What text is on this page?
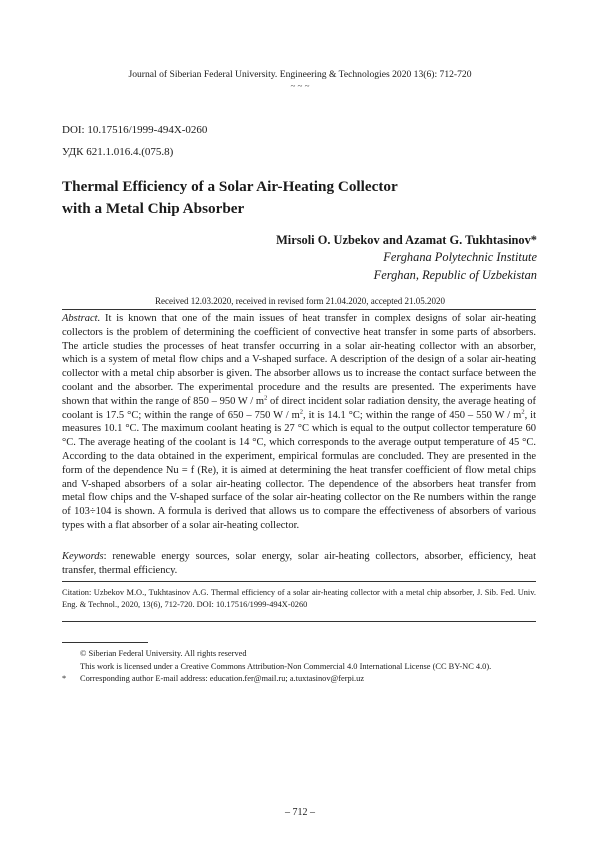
Journal of Siberian Federal University. Engineering & Technologies 2020 13(6): 712-720
~ ~ ~
DOI: 10.17516/1999-494X-0260
УДК 621.1.016.4.(075.8)
Thermal Efficiency of a Solar Air-Heating Collector
with a Metal Chip Absorber
Mirsoli O. Uzbekov and Azamat G. Tukhtasinov*
Ferghana Polytechnic Institute
Ferghan, Republic of Uzbekistan
Received 12.03.2020, received in revised form 21.04.2020, accepted 21.05.2020
Abstract. It is known that one of the main issues of heat transfer in complex designs of solar air-heating collectors is the problem of determining the coefficient of convective heat transfer in some parts of absorbers. The article studies the processes of heat transfer occurring in a solar air-heating collector with an absorber, which is a system of metal flow chips and a V-shaped surface. A description of the design of a solar air-heating collector with a metal chip absorber is given. The absorber allows us to increase the contact surface between the coolant and the absorber. The experimental procedure and the results are presented. The experiments have shown that within the range of 850 – 950 W / $m^2$ of direct incident solar radiation density, the average heating of coolant is 17.5 °C; within the range of 650 – 750 W / $m^2$, it is 14.1 °C; within the range of 450 – 550 W / $m^2$, it measures 10.1 °C. The maximum coolant heating is 27 °C which is equal to the output collector temperature 60 °C. The average heating of the coolant is 14 °C, which corresponds to the average output temperature of 45 °C. According to the data obtained in the experiment, empirical formulas are concluded. They are presented in the form of the dependence Nu = f (Re), it is aimed at determining the heat transfer coefficient of flow metal chips and V-shaped absorbers of a solar air-heating collector. The dependence of the absorbers heat transfer from metal flow chips and the V-shaped surface of the solar air-heating collector on the Re numbers within the range of 103÷104 is shown. A formula is derived that allows us to compare the effectiveness of absorbers of various types with a flat absorber of a solar air-heating collector.
Keywords: renewable energy sources, solar energy, solar air-heating collectors, absorber, efficiency, heat transfer, thermal efficiency.
Citation: Uzbekov M.O., Tukhtasinov A.G. Thermal efficiency of a solar air-heating collector with a metal chip absorber, J. Sib. Fed. Univ. Eng. & Technol., 2020, 13(6), 712-720. DOI: 10.17516/1999-494X-0260
© Siberian Federal University. All rights reserved
This work is licensed under a Creative Commons Attribution-Non Commercial 4.0 International License (CC BY-NC 4.0).
* Corresponding author E-mail address: education.fer@mail.ru; a.tuxtasinov@ferpi.uz
– 712 –
